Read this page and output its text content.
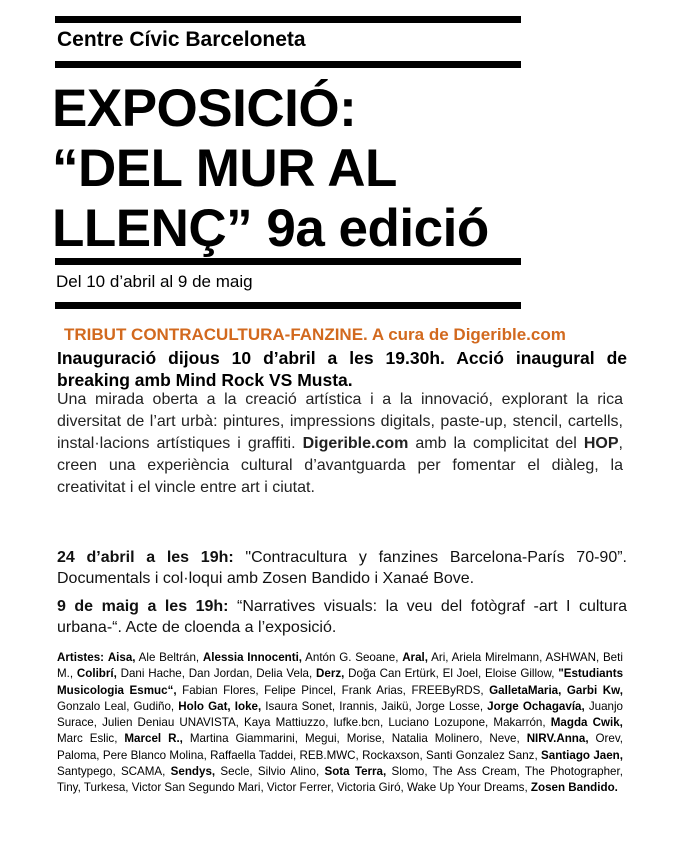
Centre Cívic Barceloneta
EXPOSICIÓ:
“DEL MUR AL
LLENÇ” 9a edició
Del 10 d’abril al 9 de maig
TRIBUT CONTRACULTURA-FANZINE. A cura de Digerible.com

Inauguració dijous 10 d’abril a les 19.30h. Acció inaugural de breaking amb Mind Rock VS Musta.

Una mirada oberta a la creació artística i a la innovació, explorant la rica diversitat de l’art urbà: pintures, impressions digitals, paste-up, stencil, cartells, instal·lacions artístiques i graffiti. Digerible.com amb la complicitat del HOP, creen una experiència cultural d’avantguarda per fomentar el diàleg, la creativitat i el vincle entre art i ciutat.

24 d’abril a les 19h: "Contracultura y fanzines Barcelona-París 70-90”. Documentals i col·loqui amb Zosen Bandido i Xanaé Bove.

9 de maig a les 19h: “Narratives visuals: la veu del fotògraf -art I cultura urbana-“. Acte de cloenda a l’exposició.

Artistes: Aisa, Ale Beltrán, Alessia Innocenti, Antón G. Seoane, Aral, Ari, Ariela Mirelmann, ASHWAN, Beti M., Colibrí, Dani Hache, Dan Jordan, Delia Vela, Derz, Doğa Can Ertürk, El Joel, Eloise Gillow, "Estudiants Musicologia Esmuc“, Fabian Flores, Felipe Pincel, Frank Arias, FREEByRDS, GalletaMaria, Garbi Kw, Gonzalo Leal, Gudiño, Holo Gat, Ioke, Isaura Sonet, Irannis, Jaikü, Jorge Losse, Jorge Ochagavía, Juanjo Surace, Julien Deniau UNAVISTA, Kaya Mattiuzzo, lufke.bcn, Luciano Lozupone, Makarrón, Magda Cwik, Marc Eslic, Marcel R., Martina Giammarini, Megui, Morise, Natalia Molinero, Neve, NIRV.Anna, Orev, Paloma, Pere Blanco Molina, Raffaella Taddei, REB.MWC, Rockaxson, Santi Gonzalez Sanz, Santiago Jaen, Santypego, SCAMA, Sendys, Secle, Silvio Alino, Sota Terra, Slomo, The Ass Cream, The Photographer, Tiny, Turkesa, Victor San Segundo Mari, Victor Ferrer, Victoria Giró, Wake Up Your Dreams, Zosen Bandido.
